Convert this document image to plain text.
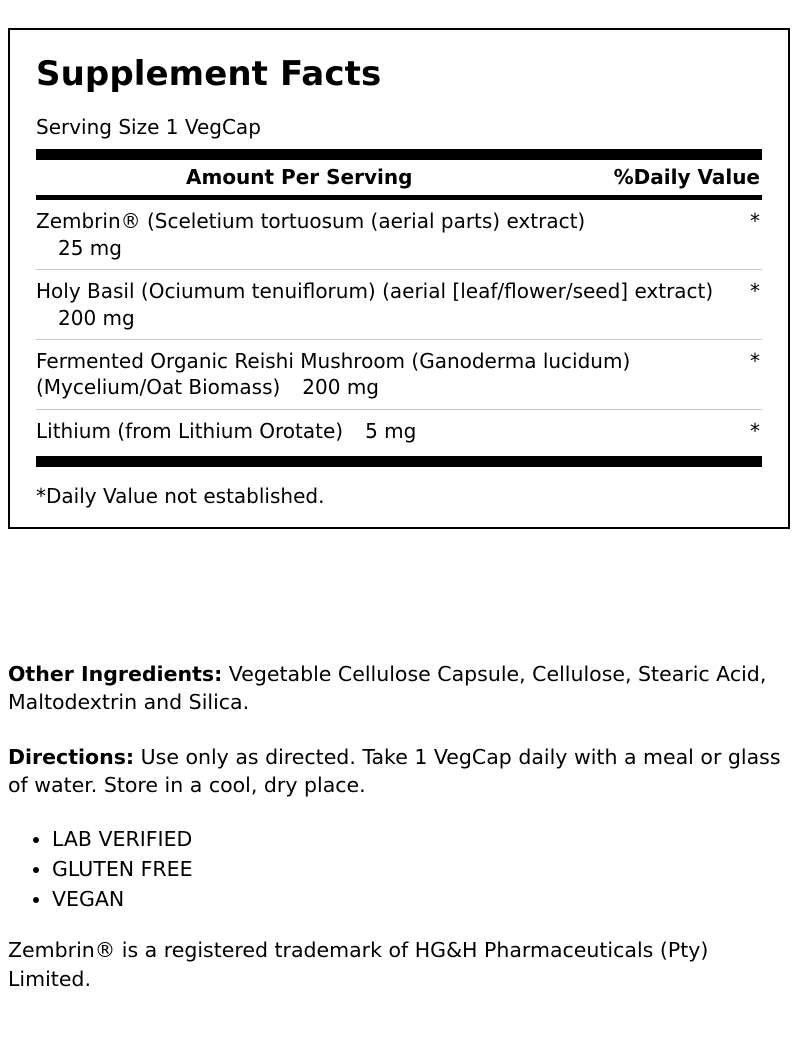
Supplement Facts
Serving Size 1 VegCap
Amount Per Serving	%Daily Value
Zembrin® (Sceletium tortuosum (aerial parts) extract)25 mg
*
Holy Basil (Ociumum tenuiflorum) (aerial [leaf/flower/seed] extract)200 mg
*
Fermented Organic Reishi Mushroom (Ganoderma lucidum) (Mycelium/Oat Biomass) 200 mg
*
Lithium (from Lithium Orotate) 5 mg	*
*Daily Value not established.

Other Ingredients: Vegetable Cellulose Capsule, Cellulose, Stearic Acid, Maltodextrin and Silica.

Directions: Use only as directed. Take 1 VegCap daily with a meal or glass of water. Store in a cool, dry place.

• LAB VERIFIED
• GLUTEN FREE
• VEGAN

Zembrin® is a registered trademark of HG&H Pharmaceuticals (Pty) Limited.
